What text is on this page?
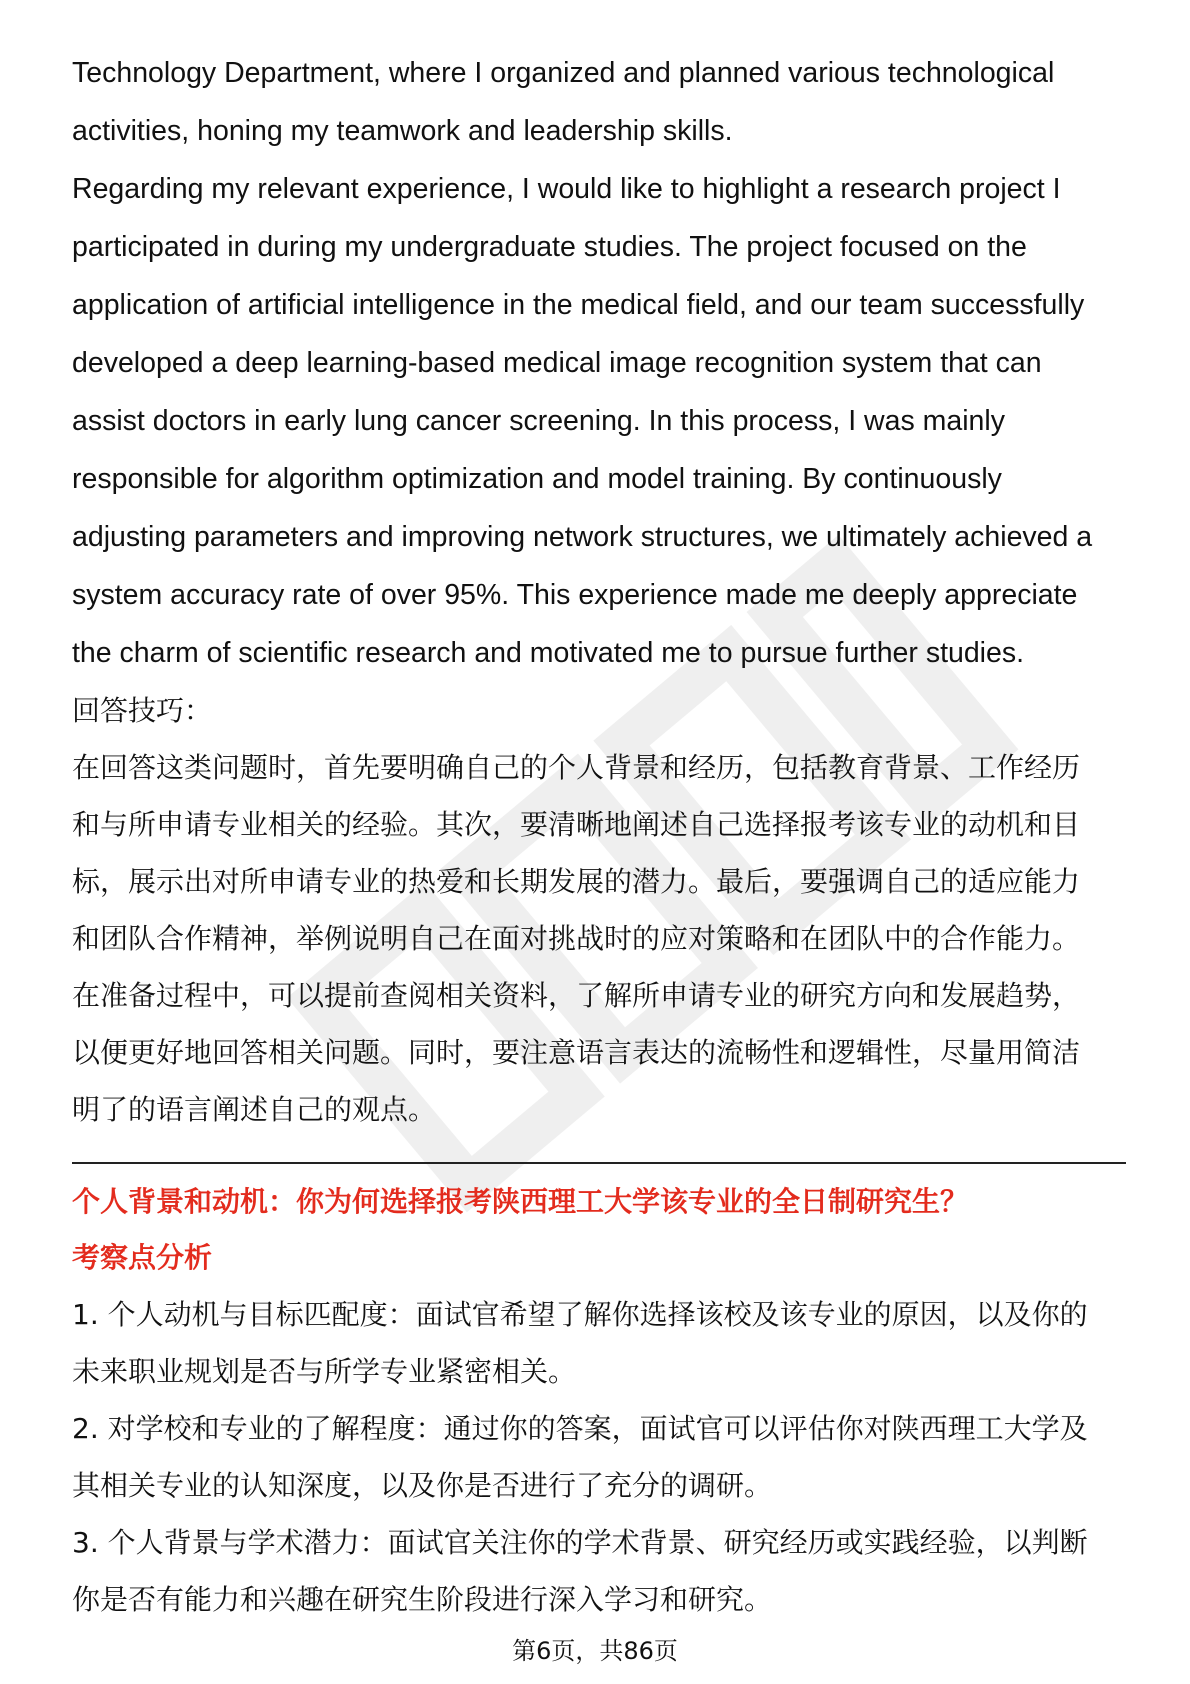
Technology Department, where I organized and planned various technological

activities, honing my teamwork and leadership skills.

Regarding my relevant experience, I would like to highlight a research project I

participated in during my undergraduate studies. The project focused on the

application of artificial intelligence in the medical field, and our team successfully

developed a deep learning-based medical image recognition system that can

assist doctors in early lung cancer screening. In this process, I was mainly

responsible for algorithm optimization and model training. By continuously

adjusting parameters and improving network structures, we ultimately achieved a

system accuracy rate of over 95%. This experience made me deeply appreciate

the charm of scientific research and motivated me to pursue further studies.

回答技巧：

在回答这类问题时，首先要明确自己的个人背景和经历，包括教育背景、工作经历

和与所申请专业相关的经验。其次，要清晰地阐述自己选择报考该专业的动机和目

标，展示出对所申请专业的热爱和长期发展的潜力。最后，要强调自己的适应能力

和团队合作精神，举例说明自己在面对挑战时的应对策略和在团队中的合作能力。

在准备过程中，可以提前查阅相关资料，了解所申请专业的研究方向和发展趋势，

以便更好地回答相关问题。同时，要注意语言表达的流畅性和逻辑性，尽量用简洁

明了的语言阐述自己的观点。

个人背景和动机：你为何选择报考陕西理工大学该专业的全日制研究生？

考察点分析

1. 个人动机与目标匹配度：面试官希望了解你选择该校及该专业的原因，以及你的

未来职业规划是否与所学专业紧密相关。

2. 对学校和专业的了解程度：通过你的答案，面试官可以评估你对陕西理工大学及

其相关专业的认知深度，以及你是否进行了充分的调研。

3. 个人背景与学术潜力：面试官关注你的学术背景、研究经历或实践经验，以判断

你是否有能力和兴趣在研究生阶段进行深入学习和研究。

第6页，共86页
